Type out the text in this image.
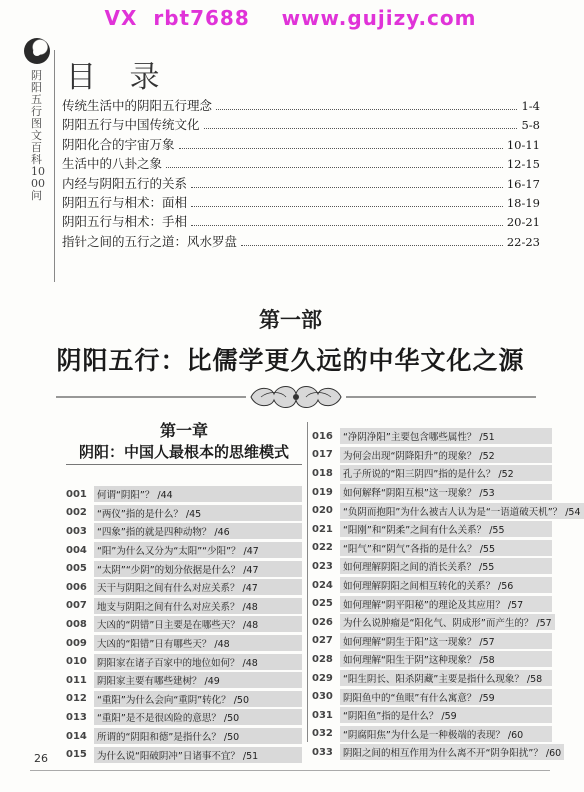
VX  rbt7688    www.gujizy.com
阴阳五行图文百科1000问
目 录
传统生活中的阴阳五行理念	1-4
阴阳五行与中国传统文化	5-8
阴阳化合的宇宙万象	10-11
生活中的八卦之象	12-15
内经与阴阳五行的关系	16-17
阴阳五行与相术：面相	18-19
阴阳五行与相术：手相	20-21
指针之间的五行之道：风水罗盘	22-23
第一部
阴阳五行：比儒学更久远的中华文化之源
第一章
阴阳：中国人最根本的思维模式
001	何谓“阴阳”？ /44
002	“两仪”指的是什么？ /45
003	“四象”指的就是四种动物？ /46
004	“阳”为什么又分为“太阳”“少阳”？ /47
005	“太阴”“少阴”的划分依据是什么？ /47
006	天干与阴阳之间有什么对应关系？ /47
007	地支与阴阳之间有什么对应关系？ /48
008	大凶的“阴错”日主要是在哪些天？ /48
009	大凶的“阳错”日有哪些天？ /48
010	阴阳家在诸子百家中的地位如何？ /48
011	阴阳家主要有哪些建树？ /49
012	“重阳”为什么会向“重阴”转化？ /50
013	“重阳”是不是很凶险的意思？ /50
014	所谓的“阴阳和德”是指什么？ /50
015	为什么说“阳破阴冲”日诸事不宜？ /51
016	“净阴净阳”主要包含哪些属性？ /51
017	为何会出现“阴降阳升”的现象？ /52
018	孔子所说的“阳三阴四”指的是什么？ /52
019	如何解释“阴阳互根”这一现象？ /53
020	“负阴而抱阳”为什么被古人认为是“一语道破天机”？ /54
021	“阳刚”和“阴柔”之间有什么关系？ /55
022	“阳气”和“阴气”各指的是什么？ /55
023	如何理解阴阳之间的消长关系？ /55
024	如何理解阴阳之间相互转化的关系？ /56
025	如何理解“阴平阳秘”的理论及其应用？ /57
026	为什么说肿瘤是“阳化气、阴成形”而产生的？ /57
027	如何理解“阴生于阳”这一现象？ /57
028	如何理解“阳生于阴”这种现象？ /58
029	“阳生阴长、阳杀阴藏”主要是指什么现象？ /58
030	阴阳鱼中的“鱼眼”有什么寓意？ /59
031	“阴阳鱼”指的是什么？ /59
032	“阴腐阳焦”为什么是一种极端的表现？ /60
033	阴阳之间的相互作用为什么离不开“阴争阳扰”？ /60
26
